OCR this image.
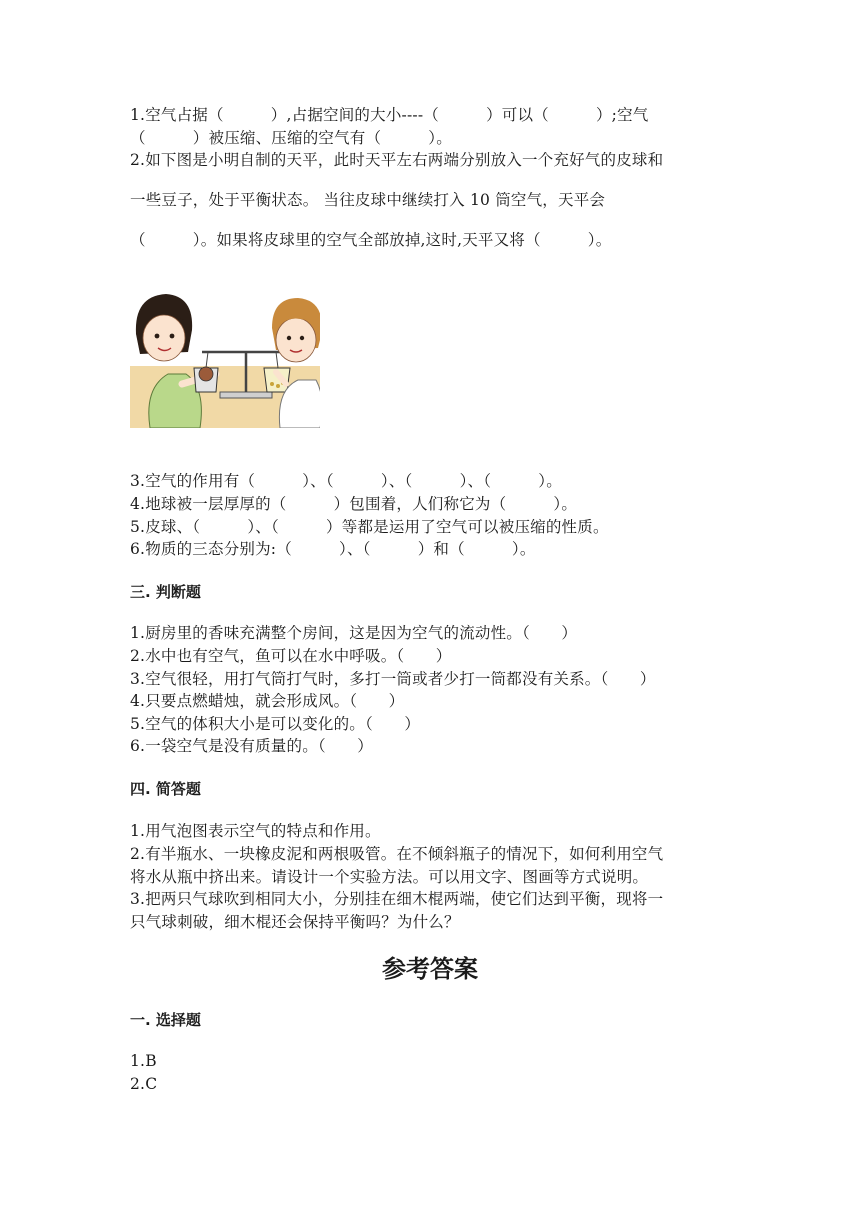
1.空气占据（　　　）,占据空间的大小----（　　　）可以（　　　）;空气
（　　　）被压缩、压缩的空气有（　　　）。
2.如下图是小明自制的天平，此时天平左右两端分别放入一个充好气的皮球和
一些豆子，处于平衡状态。 当往皮球中继续打入 10 筒空气，天平会
（　　　）。如果将皮球里的空气全部放掉,这时,天平又将（　　　）。
3.空气的作用有（　　　）、（　　　）、（　　　）、（　　　）。
4.地球被一层厚厚的（　　　）包围着，人们称它为（　　　）。
5.皮球、（　　　）、（　　　）等都是运用了空气可以被压缩的性质。
6.物质的三态分别为:（　　　）、（　　　）和（　　　）。
三. 判断题
1.厨房里的香味充满整个房间，这是因为空气的流动性。（　　）
2.水中也有空气，鱼可以在水中呼吸。（　　）
3.空气很轻，用打气筒打气时，多打一筒或者少打一筒都没有关系。（　　）
4.只要点燃蜡烛，就会形成风。（　　）
5.空气的体积大小是可以变化的。（　　）
6.一袋空气是没有质量的。（　　）
四. 简答题
1.用气泡图表示空气的特点和作用。
2.有半瓶水、一块橡皮泥和两根吸管。在不倾斜瓶子的情况下，如何利用空气
将水从瓶中挤出来。请设计一个实验方法。可以用文字、图画等方式说明。
3.把两只气球吹到相同大小，分别挂在细木棍两端，使它们达到平衡，现将一
只气球刺破，细木棍还会保持平衡吗？为什么？
参考答案
一. 选择题
1.B
2.C
